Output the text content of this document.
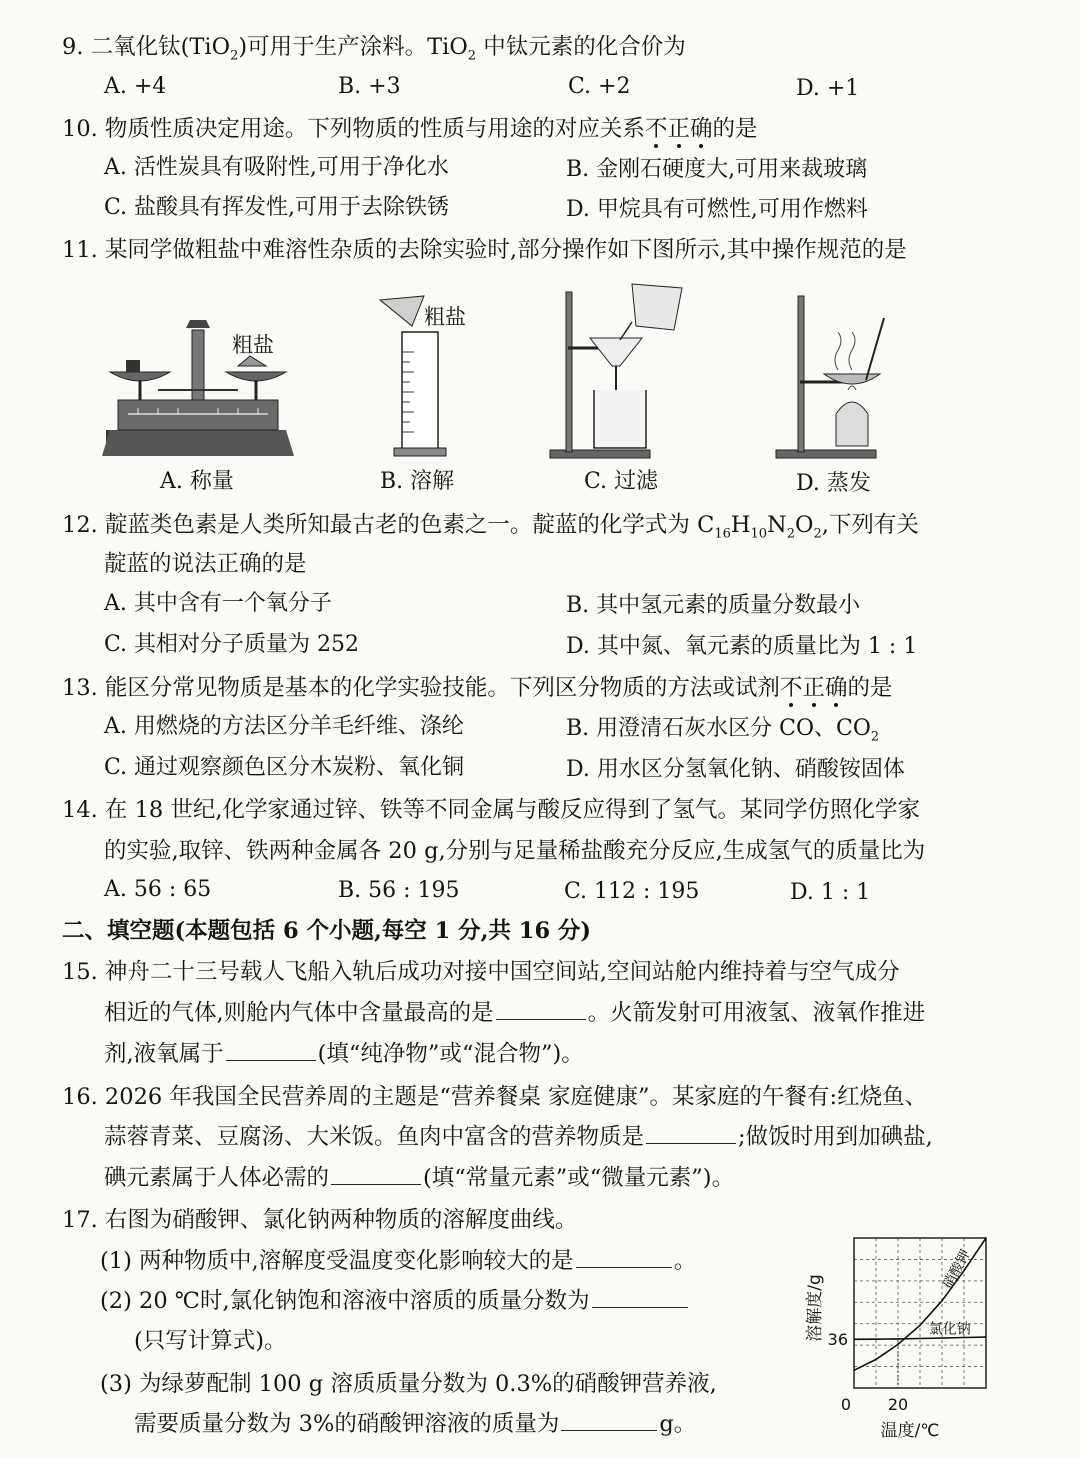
9. 二氧化钛(TiO$_2$)可用于生产涂料。TiO$_2$ 中钛元素的化合价为
A. +4	B. +3	C. +2	D. +1
10. 物质性质决定用途。下列物质的性质与用途的对应关系不正确的是
A. 活性炭具有吸附性,可用于净化水	B. 金刚石硬度大,可用来裁玻璃
C. 盐酸具有挥发性,可用于去除铁锈	D. 甲烷具有可燃性,可用作燃料
11. 某同学做粗盐中难溶性杂质的去除实验时,部分操作如下图所示,其中操作规范的是
粗盐
A. 称量
粗盐
B. 溶解	C. 过滤	D. 蒸发
12. 靛蓝类色素是人类所知最古老的色素之一。靛蓝的化学式为 $C_{16}H_{10}N_2O_2$,下列有关
靛蓝的说法正确的是
A. 其中含有一个氧分子	B. 其中氢元素的质量分数最小
C. 其相对分子质量为 252	D. 其中氮、氧元素的质量比为 1 : 1
13. 能区分常见物质是基本的化学实验技能。下列区分物质的方法或试剂不正确的是
A. 用燃烧的方法区分羊毛纤维、涤纶	B. 用澄清石灰水区分 CO、$CO_2$
C. 通过观察颜色区分木炭粉、氧化铜	D. 用水区分氢氧化钠、硝酸铵固体
14. 在 18 世纪,化学家通过锌、铁等不同金属与酸反应得到了氢气。某同学仿照化学家
的实验,取锌、铁两种金属各 20 g,分别与足量稀盐酸充分反应,生成氢气的质量比为
A. 56 : 65	B. 56 : 195	C. 112 : 195	D. 1 : 1
二、填空题(本题包括 6 个小题,每空 1 分,共 16 分)
15. 神舟二十三号载人飞船入轨后成功对接中国空间站,空间站舱内维持着与空气成分
相近的气体,则舱内气体中含量最高的是	。火箭发射可用液氢、液氧作推进
剂,液氧属于	(填“纯净物”或“混合物”)。
16. 2026 年我国全民营养周的主题是“营养餐桌 家庭健康”。某家庭的午餐有:红烧鱼、
蒜蓉青菜、豆腐汤、大米饭。鱼肉中富含的营养物质是	;做饭时用到加碘盐,
碘元素属于人体必需的	(填“常量元素”或“微量元素”)。
17. 右图为硝酸钾、氯化钠两种物质的溶解度曲线。
(1) 两种物质中,溶解度受温度变化影响较大的是	。
(2) 20 ℃时,氯化钠饱和溶液中溶质的质量分数为
(只写计算式)。
(3) 为绿萝配制 100 g 溶质质量分数为 0.3%的硝酸钾营养液,
需要质量分数为 3%的硝酸钾溶液的质量为	g。
硝酸钾
氯化钠
36
0 20
温度/℃
溶解度/g
